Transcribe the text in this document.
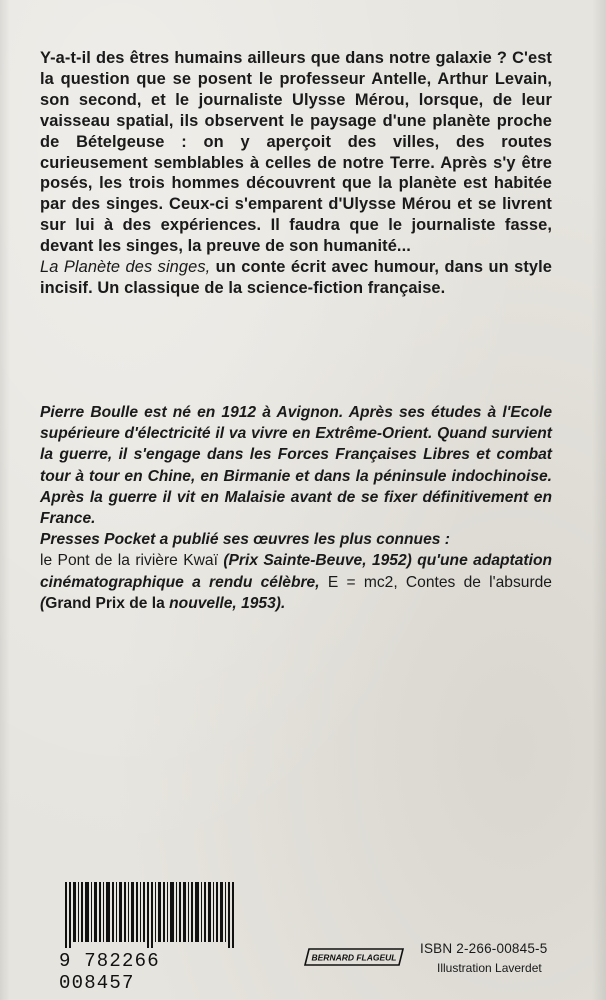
Y-a-t-il des êtres humains ailleurs que dans notre galaxie ? C'est la question que se posent le professeur Antelle, Arthur Levain, son second, et le journaliste Ulysse Mérou, lorsque, de leur vaisseau spatial, ils observent le paysage d'une planète proche de Bételgeuse : on y aperçoit des villes, des routes curieusement semblables à celles de notre Terre. Après s'y être posés, les trois hommes découvrent que la planète est habitée par des singes. Ceux-ci s'emparent d'Ulysse Mérou et se livrent sur lui à des expériences. Il faudra que le journaliste fasse, devant les singes, la preuve de son humanité...
La Planète des singes, un conte écrit avec humour, dans un style incisif. Un classique de la science-fiction française.
Pierre Boulle est né en 1912 à Avignon. Après ses études à l'Ecole supérieure d'électricité il va vivre en Extrême-Orient. Quand survient la guerre, il s'engage dans les Forces Françaises Libres et combat tour à tour en Chine, en Birmanie et dans la péninsule indochinoise. Après la guerre il vit en Malaisie avant de se fixer définitivement en France.
Presses Pocket a publié ses œuvres les plus connues :
le Pont de la rivière Kwaï (Prix Sainte-Beuve, 1952) qu'une adaptation cinématographique a rendu célèbre, E = mc2, Contes de l'absurde (Grand Prix de la nouvelle, 1953).
9 782266 008457
BERNARD FLAGEUL
ISBN 2-266-00845-5
Illustration Laverdet
